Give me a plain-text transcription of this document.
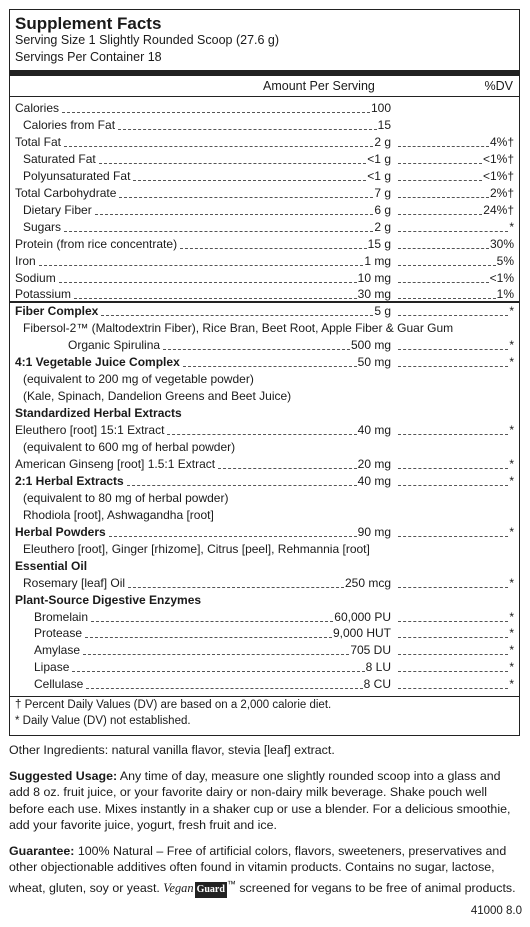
Supplement Facts
Serving Size 1 Slightly Rounded Scoop (27.6 g)
Servings Per Container 18
Amount Per Serving	%DV
Calories	100
Calories from Fat	15
Total Fat	2 g	4%†
Saturated Fat	<1 g	<1%†
Polyunsaturated Fat	<1 g	<1%†
Total Carbohydrate	7 g	2%†
Dietary Fiber	6 g	24%†
Sugars	2 g	*
Protein (from rice concentrate)	15 g	30%
Iron	1 mg	5%
Sodium	10 mg	<1%
Potassium	30 mg	1%
Fiber Complex	5 g	*
Fibersol-2™ (Maltodextrin Fiber), Rice Bran, Beet Root, Apple Fiber & Guar Gum
Organic Spirulina	500 mg	*
4:1 Vegetable Juice Complex	50 mg	*
(equivalent to 200 mg of vegetable powder)
(Kale, Spinach, Dandelion Greens and Beet Juice)
Standardized Herbal Extracts
Eleuthero [root] 15:1 Extract	40 mg	*
(equivalent to 600 mg of herbal powder)
American Ginseng [root] 1.5:1 Extract	20 mg	*
2:1 Herbal Extracts	40 mg	*
(equivalent to 80 mg of herbal powder)
Rhodiola [root], Ashwagandha [root]
Herbal Powders	90 mg	*
Eleuthero [root], Ginger [rhizome], Citrus [peel], Rehmannia [root]
Essential Oil
Rosemary [leaf] Oil	250 mcg	*
Plant-Source Digestive Enzymes
Bromelain	60,000 PU	*
Protease	9,000 HUT	*
Amylase	705 DU	*
Lipase	8 LU	*
Cellulase	8 CU	*
† Percent Daily Values (DV) are based on a 2,000 calorie diet.
* Daily Value (DV) not established.

Other Ingredients: natural vanilla flavor, stevia [leaf] extract.

Suggested Usage: Any time of day, measure one slightly rounded scoop into a glass and add 8 oz. fruit juice, or your favorite dairy or non-dairy milk beverage. Shake pouch well before each use. Mixes instantly in a shaker cup or use a blender. For a delicious smoothie, add your favorite juice, yogurt, fresh fruit and ice.

Guarantee: 100% Natural – Free of artificial colors, flavors, sweeteners, preservatives and other objectionable additives often found in vitamin products. Contains no sugar, lactose, wheat, gluten, soy or yeast. Vegan Guard™ screened for vegans to be free of animal products.

41000 8.0
